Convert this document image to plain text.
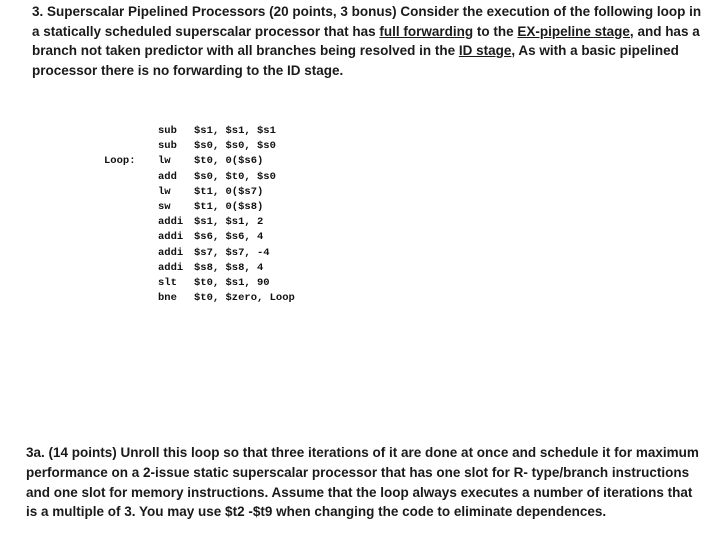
3. Superscalar Pipelined Processors (20 points, 3 bonus) Consider the execution of the following loop in a statically scheduled superscalar processor that has full forwarding to the EX-pipeline stage, and has a branch not taken predictor with all branches being resolved in the ID stage, As with a basic pipelined processor there is no forwarding to the ID stage.
sub	$s1, $s1, $s1
sub	$s0, $s0, $s0
Loop:	lw	$t0, 0($s6)
add	$s0, $t0, $s0
lw	$t1, 0($s7)
sw	$t1, 0($s8)
addi	$s1, $s1, 2
addi	$s6, $s6, 4
addi	$s7, $s7, -4
addi	$s8, $s8, 4
slt	$t0, $s1, 90
bne	$t0, $zero, Loop
3a. (14 points) Unroll this loop so that three iterations of it are done at once and schedule it for maximum performance on a 2-issue static superscalar processor that has one slot for R- type/branch instructions and one slot for memory instructions. Assume that the loop always executes a number of iterations that is a multiple of 3. You may use $t2 -$t9 when changing the code to eliminate dependences.
